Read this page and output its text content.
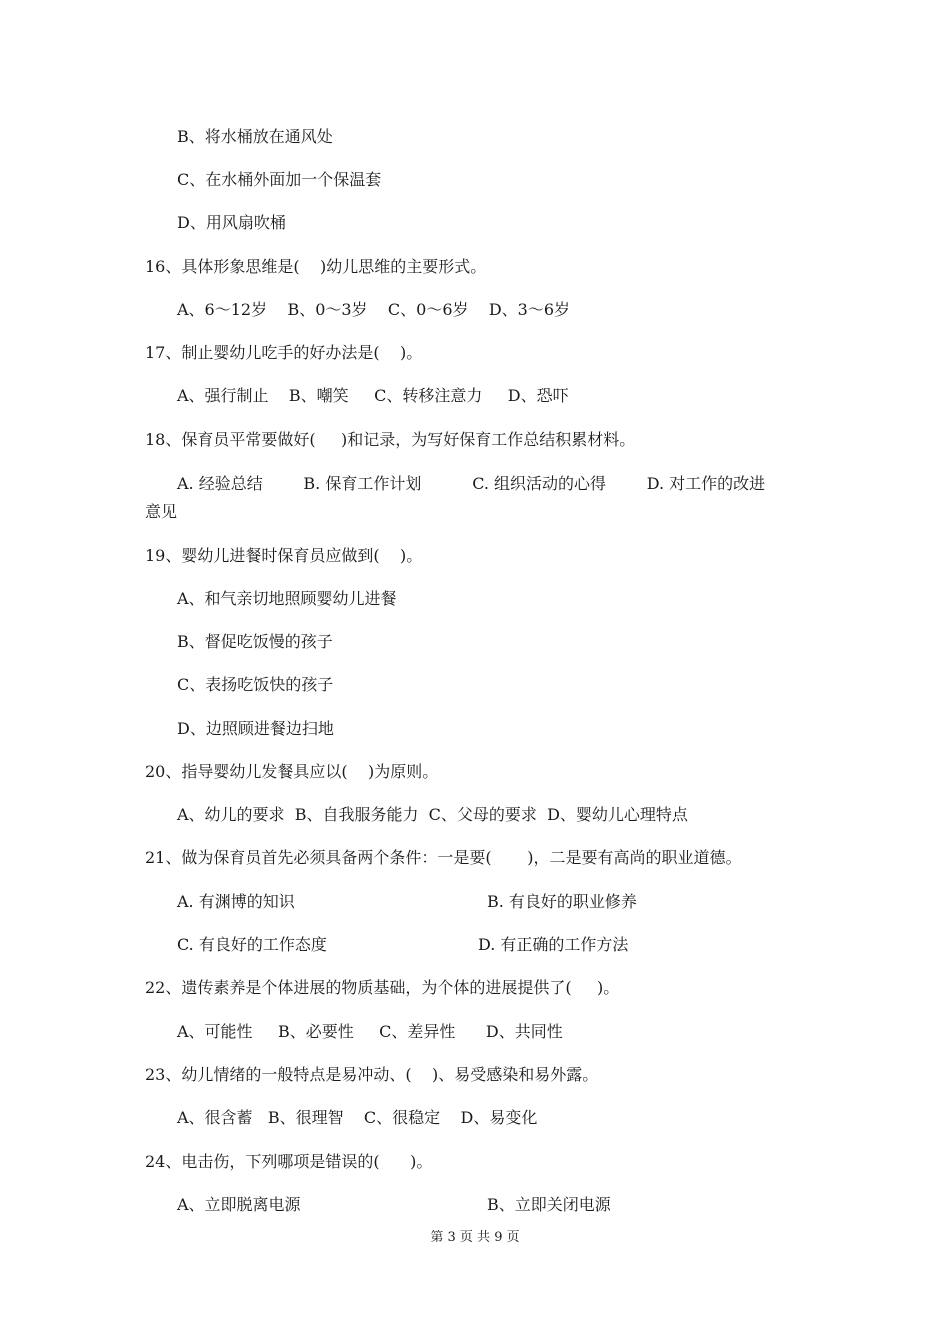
B、将水桶放在通风处
C、在水桶外面加一个保温套
D、用风扇吹桶
16、具体形象思维是(    )幼儿思维的主要形式。
A、6～12岁    B、0～3岁    C、0～6岁    D、3～6岁
17、制止婴幼儿吃手的好办法是(    )。
A、强行制止    B、嘲笑     C、转移注意力     D、恐吓
18、保育员平常要做好(     )和记录，为写好保育工作总结积累材料。
A. 经验总结        B. 保育工作计划          C. 组织活动的心得        D. 对工作的改进
意见
19、婴幼儿进餐时保育员应做到(    )。
A、和气亲切地照顾婴幼儿进餐
B、督促吃饭慢的孩子
C、表扬吃饭快的孩子
D、边照顾进餐边扫地
20、指导婴幼儿发餐具应以(    )为原则。
A、幼儿的要求  B、自我服务能力  C、父母的要求  D、婴幼儿心理特点
21、做为保育员首先必须具备两个条件：一是要(       )，二是要有高尚的职业道德。
A. 有渊博的知识	B. 有良好的职业修养
C. 有良好的工作态度	D. 有正确的工作方法
22、遗传素养是个体进展的物质基础，为个体的进展提供了(     )。
A、可能性     B、必要性     C、差异性      D、共同性
23、幼儿情绪的一般特点是易冲动、(    )、易受感染和易外露。
A、很含蓄   B、很理智    C、很稳定    D、易变化
24、电击伤，下列哪项是错误的(      )。
A、立即脱离电源	B、立即关闭电源
第 3 页 共 9 页
